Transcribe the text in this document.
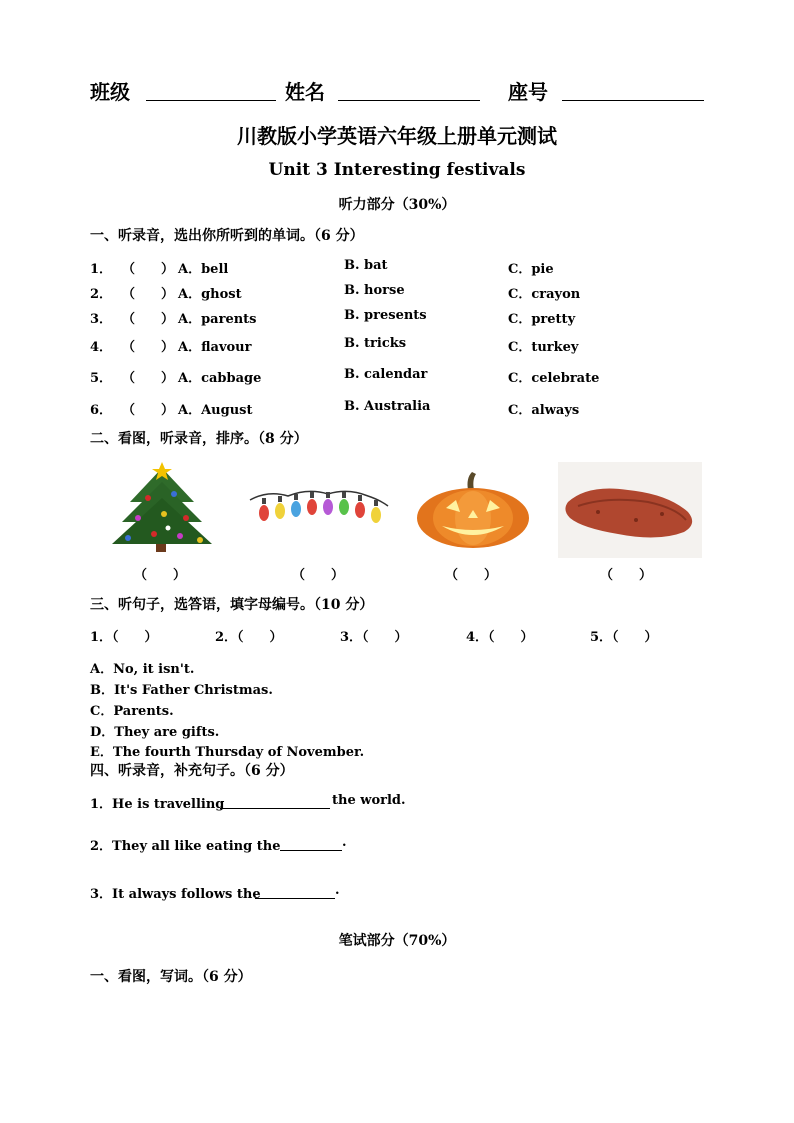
班级	姓名	座号
川教版小学英语六年级上册单元测试
Unit 3 Interesting festivals
听力部分（30%）
一、听录音，选出你所听到的单词。（6 分）
1． （　　） A．bell	B. bat	C．pie
2． （　　） A．ghost	B. horse	C．crayon
3． （　　） A．parents	B. presents	C．pretty
4． （　　） A．flavour	B. tricks	C．turkey
5． （　　） A．cabbage	B. calendar	C．celebrate
6． （　　） A．August	B. Australia	C．always
二、看图，听录音，排序。（8 分）
（　　）	（　　）	（　　）	（　　）
三、听句子，选答语，填字母编号。（10 分）
1．（　　）	2．（　　）	3．（　　）	4．（　　）	5．（　　）
A．No, it isn't.
B．It's Father Christmas.
C．Parents.
D．They are gifts.
E．The fourth Thursday of November.
四、听录音，补充句子。（6 分）
1．He is travelling	the world.
2．They all like eating the	.
3．It always follows the	.
笔试部分（70%）
一、看图，写词。（6 分）
